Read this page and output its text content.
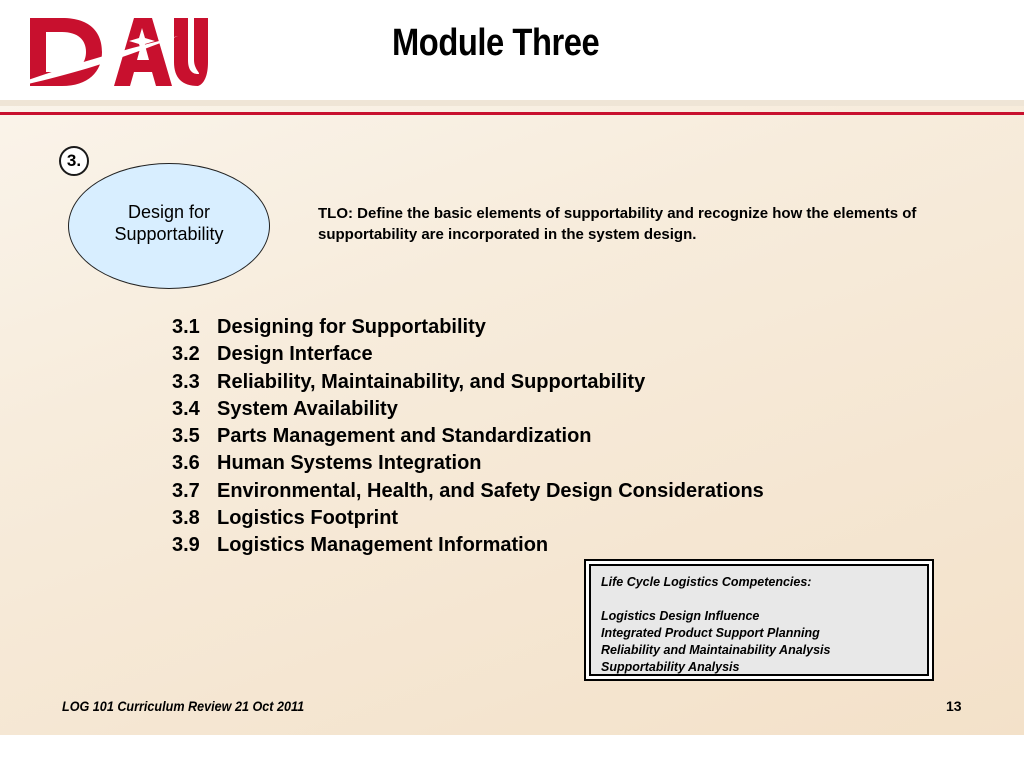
Module Three
3.
Design for
Supportability

TLO: Define the basic elements of supportability and recognize how the elements of supportability are incorporated in the system design.

3.1 Designing for Supportability
3.2 Design Interface
3.3 Reliability, Maintainability, and Supportability
3.4 System Availability
3.5 Parts Management and Standardization
3.6 Human Systems Integration
3.7 Environmental, Health, and Safety Design Considerations
3.8 Logistics Footprint
3.9 Logistics Management Information

Life Cycle Logistics Competencies:

Logistics Design Influence

Integrated Product Support Planning

Reliability and Maintainability Analysis

Supportability Analysis

LOG 101 Curriculum Review 21 Oct 2011	13
